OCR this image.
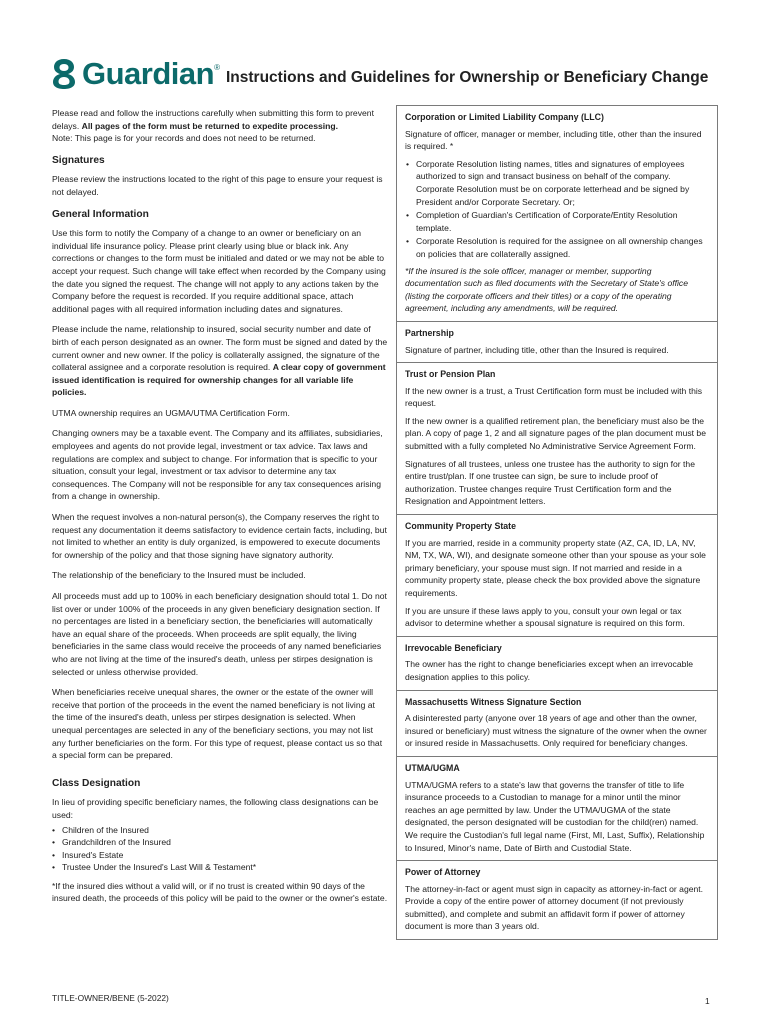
Guardian ®
Instructions and Guidelines for Ownership or Beneficiary Change

Please read and follow the instructions carefully when submitting this form to prevent delays. All pages of the form must be returned to expedite processing.
Note: This page is for your records and does not need to be returned.

Signatures

Please review the instructions located to the right of this page to ensure your request is not delayed.

General Information

Use this form to notify the Company of a change to an owner or beneficiary on an individual life insurance policy. Please print clearly using blue or black ink. Any corrections or changes to the form must be initialed and dated or we may not be able to accept your request. Such change will take effect when recorded by the Company using the date you signed the request. The change will not apply to any actions taken by the Company before the request is recorded. If you require additional space, attach additional pages with all required information including dates and signatures.

Please include the name, relationship to insured, social security number and date of birth of each person designated as an owner. The form must be signed and dated by the current owner and new owner. If the policy is collaterally assigned, the signature of the collateral assignee and a corporate resolution is required. A clear copy of government issued identification is required for ownership changes for all variable life policies.

UTMA ownership requires an UGMA/UTMA Certification Form.

Changing owners may be a taxable event. The Company and its affiliates, subsidiaries, employees and agents do not provide legal, investment or tax advice. Tax laws and regulations are complex and subject to change. For information that is specific to your situation, consult your legal, investment or tax advisor to determine any tax consequences. The Company will not be responsible for any tax consequences arising from a change in ownership.

When the request involves a non-natural person(s), the Company reserves the right to request any documentation it deems satisfactory to evidence certain facts, including, but not limited to whether an entity is duly organized, is empowered to execute documents for ownership of the policy and that those signing have signatory authority.

The relationship of the beneficiary to the Insured must be included.

All proceeds must add up to 100% in each beneficiary designation should total 1. Do not list over or under 100% of the proceeds in any given beneficiary designation section. If no percentages are listed in a beneficiary section, the beneficiaries will automatically have an equal share of the proceeds. When proceeds are split equally, the living beneficiaries in the same class would receive the proceeds of any named beneficiaries who are not living at the time of the insured's death, unless per stirpes designation is selected or unless otherwise provided.

When beneficiaries receive unequal shares, the owner or the estate of the owner will receive that portion of the proceeds in the event the named beneficiary is not living at the time of the insured's death, unless per stirpes designation is selected. When unequal percentages are selected in any of the beneficiary sections, you may not list any further beneficiaries on the form. For this type of request, please contact us so that a special form can be prepared.

Class Designation

In lieu of providing specific beneficiary names, the following class designations can be used:

• Children of the Insured
• Grandchildren of the Insured
• Insured's Estate
• Trustee Under the Insured's Last Will & Testament*

*If the insured dies without a valid will, or if no trust is created within 90 days of the insured death, the proceeds of this policy will be paid to the owner or the owner's estate.

Corporation or Limited Liability Company (LLC)

Signature of officer, manager or member, including title, other than the insured is required. *

• Corporate Resolution listing names, titles and signatures of employees authorized to sign and transact business on behalf of the company. Corporate Resolution must be on corporate letterhead and be signed by President and/or Corporate Secretary. Or;
• Completion of Guardian's Certification of Corporate/Entity Resolution template.
• Corporate Resolution is required for the assignee on all ownership changes on policies that are collaterally assigned.

*If the insured is the sole officer, manager or member, supporting documentation such as filed documents with the Secretary of State's office (listing the corporate officers and their titles) or a copy of the operating agreement, including any amendments, will be required.

Partnership

Signature of partner, including title, other than the Insured is required.

Trust or Pension Plan

If the new owner is a trust, a Trust Certification form must be included with this request.

If the new owner is a qualified retirement plan, the beneficiary must also be the plan. A copy of page 1, 2 and all signature pages of the plan document must be submitted with a fully completed No Administrative Service Agreement Form.

Signatures of all trustees, unless one trustee has the authority to sign for the entire trust/plan. If one trustee can sign, be sure to include proof of authorization. Trustee changes require Trust Certification form and the Resignation and Appointment letters.

Community Property State

If you are married, reside in a community property state (AZ, CA, ID, LA, NV, NM, TX, WA, WI), and designate someone other than your spouse as your sole primary beneficiary, your spouse must sign. If not married and reside in a community property state, please check the box provided above the signature requirements.

If you are unsure if these laws apply to you, consult your own legal or tax advisor to determine whether a spousal signature is required on this form.

Irrevocable Beneficiary

The owner has the right to change beneficiaries except when an irrevocable designation applies to this policy.

Massachusetts Witness Signature Section

A disinterested party (anyone over 18 years of age and other than the owner, insured or beneficiary) must witness the signature of the owner when the owner or insured reside in Massachusetts. Only required for beneficiary changes.

UTMA/UGMA

UTMA/UGMA refers to a state's law that governs the transfer of title to life insurance proceeds to a Custodian to manage for a minor until the minor reaches an age permitted by law. Under the UTMA/UGMA of the state designated, the person designated will be custodian for the child(ren) named. We require the Custodian's full legal name (First, MI, Last, Suffix), Relationship to Insured, Minor's name, Date of Birth and Custodial State.

Power of Attorney

The attorney-in-fact or agent must sign in capacity as attorney-in-fact or agent. Provide a copy of the entire power of attorney document (if not previously submitted), and complete and submit an affidavit form if power of attorney document is more than 3 years old.

TITLE-OWNER/BENE (5-2022)	1
